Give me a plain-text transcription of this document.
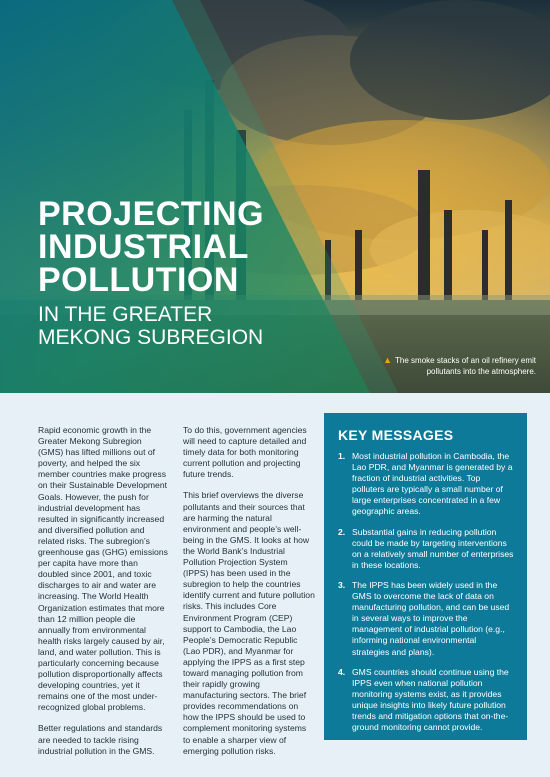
PROJECTING
INDUSTRIAL
POLLUTION
IN THE GREATER
MEKONG SUBREGION
▲ The smoke stacks of an oil refinery emit pollutants into the atmosphere.

Rapid economic growth in the Greater Mekong Subregion (GMS) has lifted millions out of poverty, and helped the six member countries make progress on their Sustainable Development Goals. However, the push for industrial development has resulted in significantly increased and diversified pollution and related risks. The subregion’s greenhouse gas (GHG) emissions per capita have more than doubled since 2001, and toxic discharges to air and water are increasing. The World Health Organization estimates that more than 12 million people die annually from environmental health risks largely caused by air, land, and water pollution. This is particularly concerning because pollution disproportionally affects developing countries, yet it remains one of the most under-recognized global problems.

Better regulations and standards are needed to tackle rising industrial pollution in the GMS.

To do this, government agencies will need to capture detailed and timely data for both monitoring current pollution and projecting future trends.

This brief overviews the diverse pollutants and their sources that are harming the natural environment and people’s well-being in the GMS. It looks at how the World Bank’s Industrial Pollution Projection System (IPPS) has been used in the subregion to help the countries identify current and future pollution risks. This includes Core Environment Program (CEP) support to Cambodia, the Lao People’s Democratic Republic (Lao PDR), and Myanmar for applying the IPPS as a first step toward managing pollution from their rapidly growing manufacturing sectors. The brief provides recommendations on how the IPPS should be used to complement monitoring systems to enable a sharper view of emerging pollution risks.

KEY MESSAGES
1. Most industrial pollution in Cambodia, the Lao PDR, and Myanmar is generated by a fraction of industrial activities. Top polluters are typically a small number of large enterprises concentrated in a few geographic areas.
2. Substantial gains in reducing pollution could be made by targeting interventions on a relatively small number of enterprises in these locations.
3. The IPPS has been widely used in the GMS to overcome the lack of data on manufacturing pollution, and can be used in several ways to improve the management of industrial pollution (e.g., informing national environmental strategies and plans).
4. GMS countries should continue using the IPPS even when national pollution monitoring systems exist, as it provides unique insights into likely future pollution trends and mitigation options that on-the-ground monitoring cannot provide.
